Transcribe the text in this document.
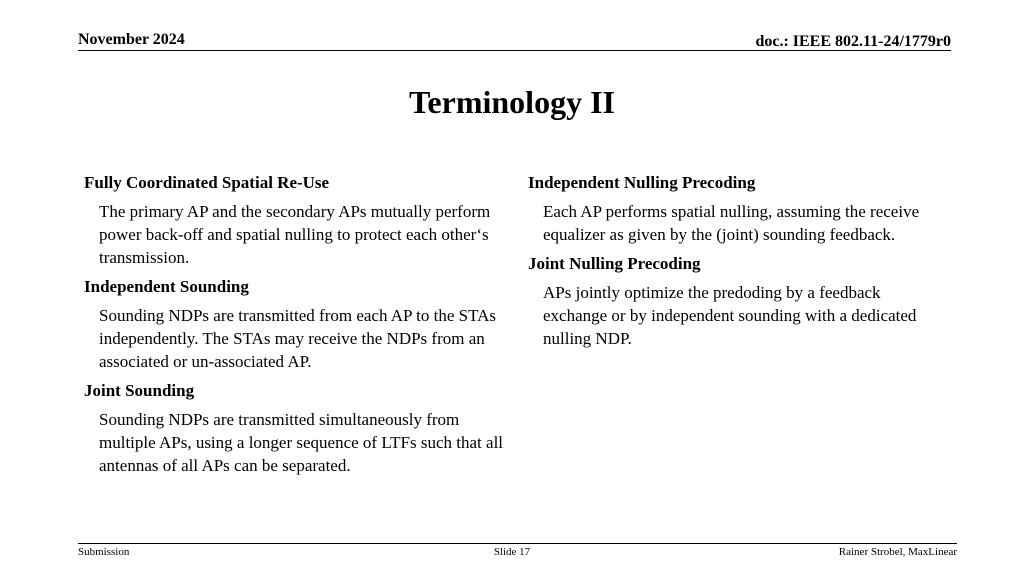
November 2024	doc.: IEEE 802.11-24/1779r0
Terminology II
Fully Coordinated Spatial Re-Use
The primary AP and the secondary APs mutually perform power back-off and spatial nulling to protect each other‘s transmission.
Independent Sounding
Sounding NDPs are transmitted from each AP to the STAs independently. The STAs may receive the NDPs from an associated or un-associated AP.
Joint Sounding
Sounding NDPs are transmitted simultaneously from multiple APs, using a longer sequence of LTFs such that all antennas of all APs can be separated.
Independent Nulling Precoding
Each AP performs spatial nulling, assuming the receive equalizer as given by the (joint) sounding feedback.
Joint Nulling Precoding
APs jointly optimize the predoding by a feedback exchange or by independent sounding with a dedicated nulling NDP.
Submission	Slide 17	Rainer Strobel, MaxLinear
